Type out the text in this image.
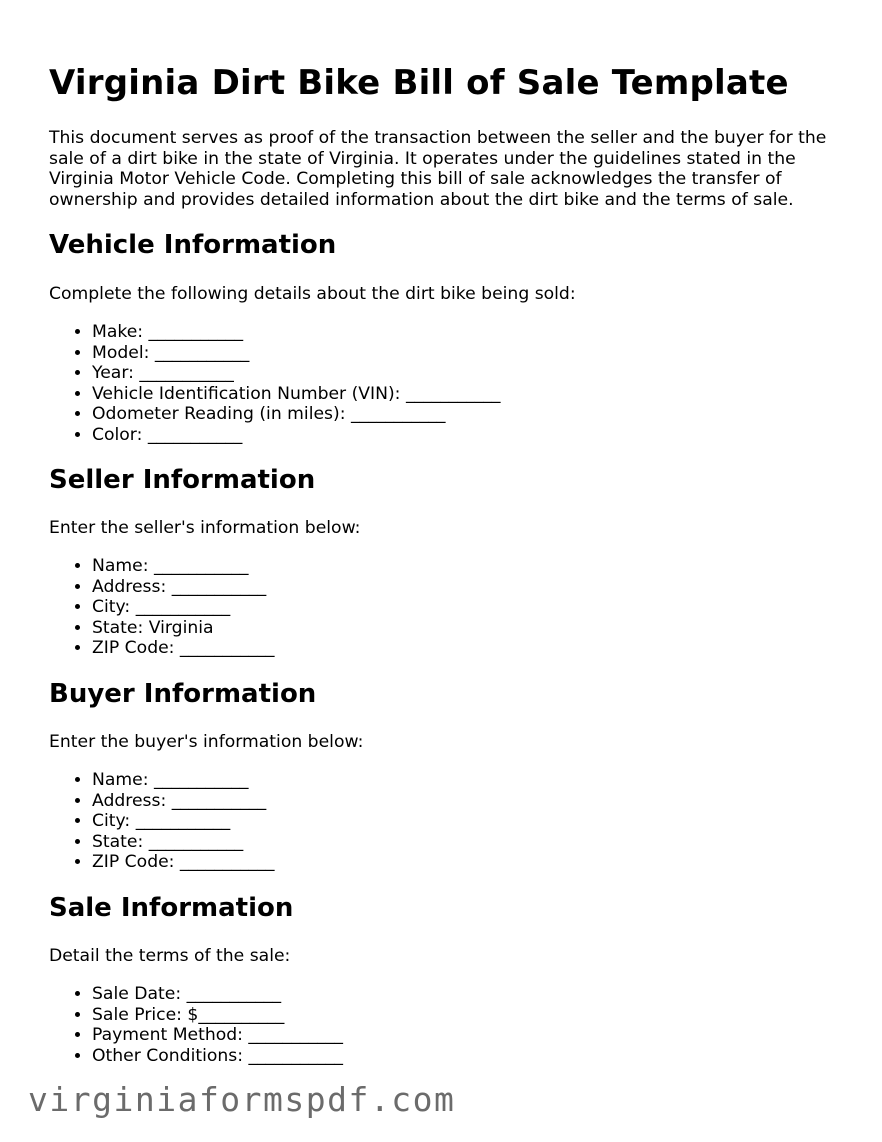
Virginia Dirt Bike Bill of Sale Template

This document serves as proof of the transaction between the seller and the buyer for the sale of a dirt bike in the state of Virginia. It operates under the guidelines stated in the Virginia Motor Vehicle Code. Completing this bill of sale acknowledges the transfer of ownership and provides detailed information about the dirt bike and the terms of sale.

Vehicle Information

Complete the following details about the dirt bike being sold:

• Make: ___________
• Model: ___________
• Year: ___________
• Vehicle Identification Number (VIN): ___________
• Odometer Reading (in miles): ___________
• Color: ___________
Seller Information

Enter the seller's information below:

• Name: ___________
• Address: ___________
• City: ___________
• State: Virginia
• ZIP Code: ___________
Buyer Information

Enter the buyer's information below:

• Name: ___________
• Address: ___________
• City: ___________
• State: ___________
• ZIP Code: ___________
Sale Information

Detail the terms of the sale:

• Sale Date: ___________
• Sale Price: $__________
• Payment Method: ___________
• Other Conditions: ___________
virginiaformspdf.com
